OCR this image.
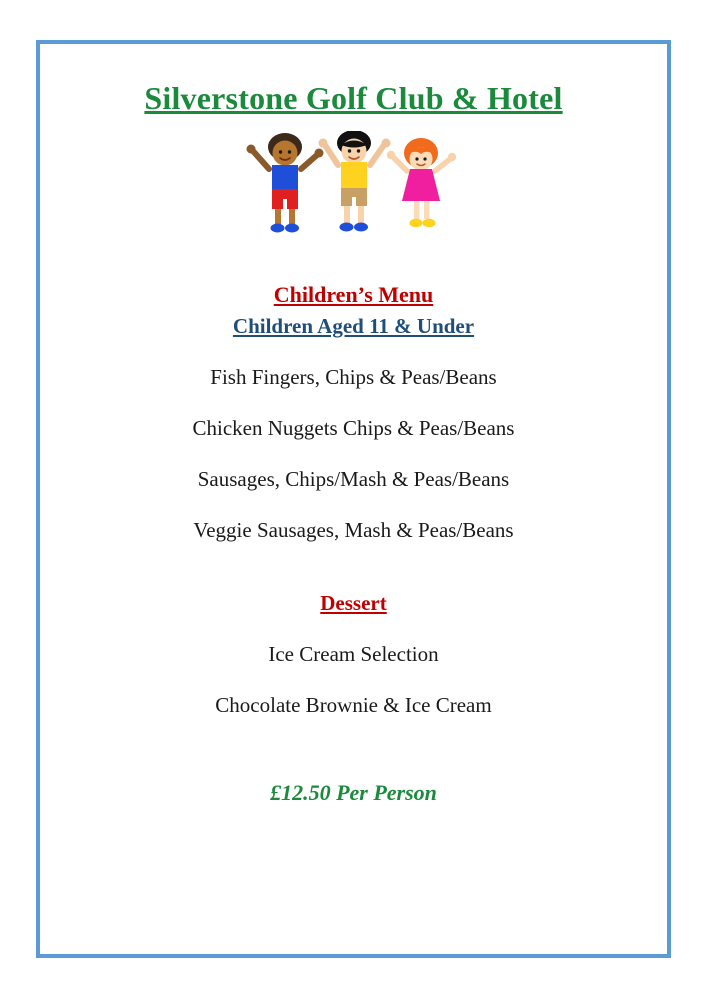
Silverstone Golf Club & Hotel
Children’s Menu
Children Aged 11 & Under
Fish Fingers, Chips & Peas/Beans
Chicken Nuggets Chips & Peas/Beans
Sausages, Chips/Mash & Peas/Beans
Veggie Sausages, Mash & Peas/Beans
Dessert
Ice Cream Selection
Chocolate Brownie & Ice Cream

£12.50 Per Person
